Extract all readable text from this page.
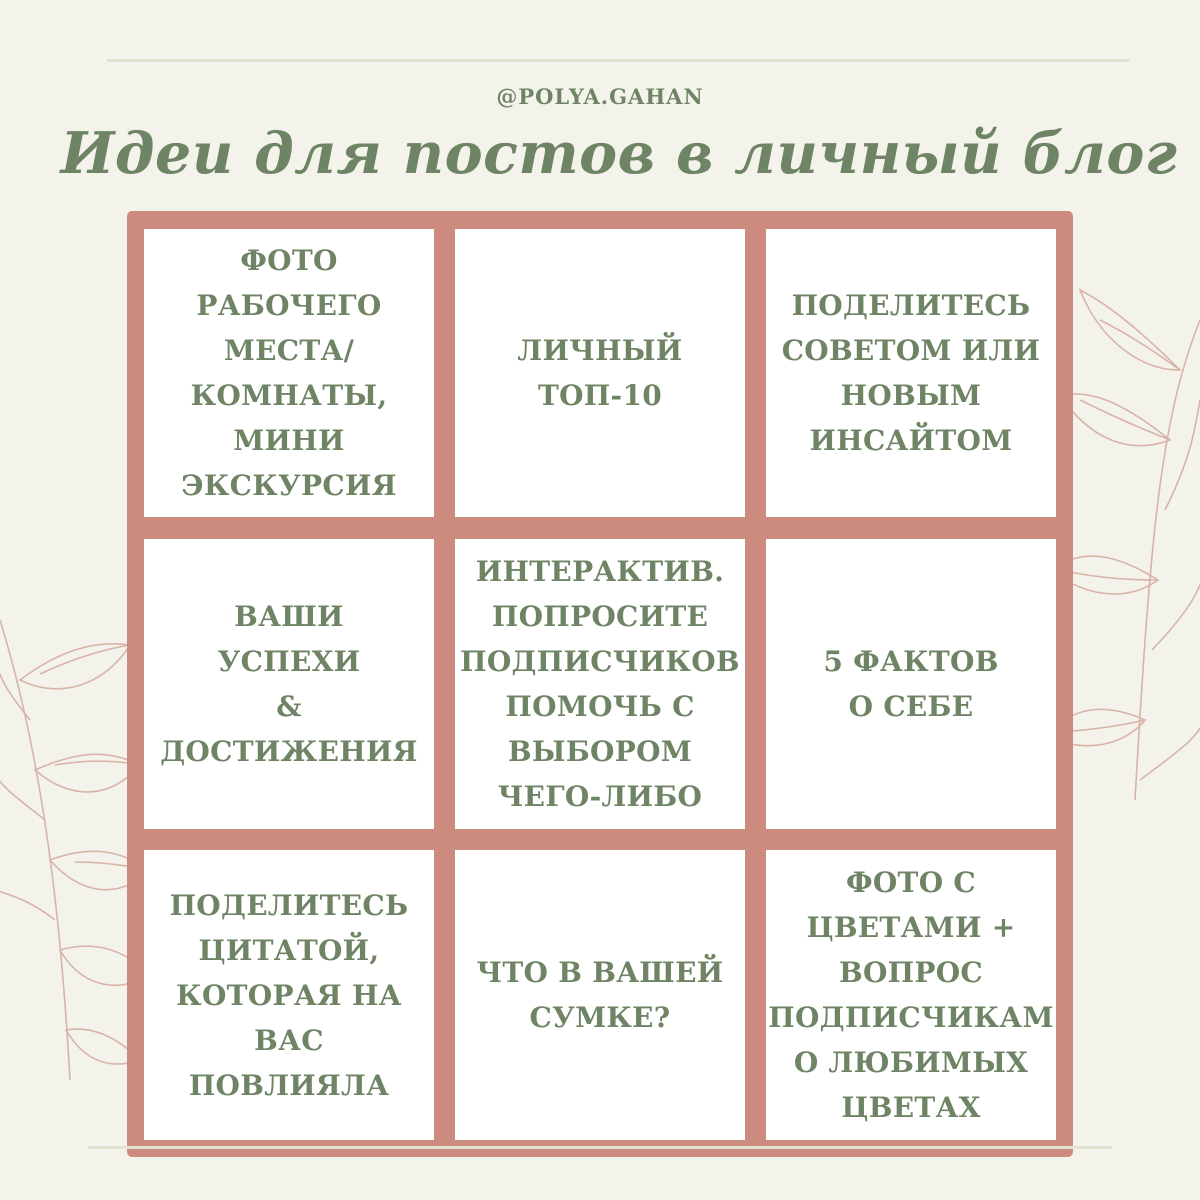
@POLYA.GAHAN
Идеи для постов в личный блог
ФОТО РАБОЧЕГО
МЕСТА/
КОМНАТЫ, МИНИ
ЭКСКУРСИЯ
ЛИЧНЫЙ
ТОП-10
ПОДЕЛИТЕСЬ
СОВЕТОМ ИЛИ
НОВЫМ
ИНСАЙТОМ
ВАШИ УСПЕХИ
&
ДОСТИЖЕНИЯ
ИНТЕРАКТИВ.
ПОПРОСИТЕ
ПОДПИСЧИКОВ
ПОМОЧЬ С
ВЫБОРОМ
ЧЕГО-ЛИБО
5 ФАКТОВ
О СЕБЕ
ПОДЕЛИТЕСЬ
ЦИТАТОЙ,
КОТОРАЯ НА
ВАС ПОВЛИЯЛА
ЧТО В ВАШЕЙ
СУМКЕ?
ФОТО С
ЦВЕТАМИ +
ВОПРОС
ПОДПИСЧИКАМ
О ЛЮБИМЫХ
ЦВЕТАХ
